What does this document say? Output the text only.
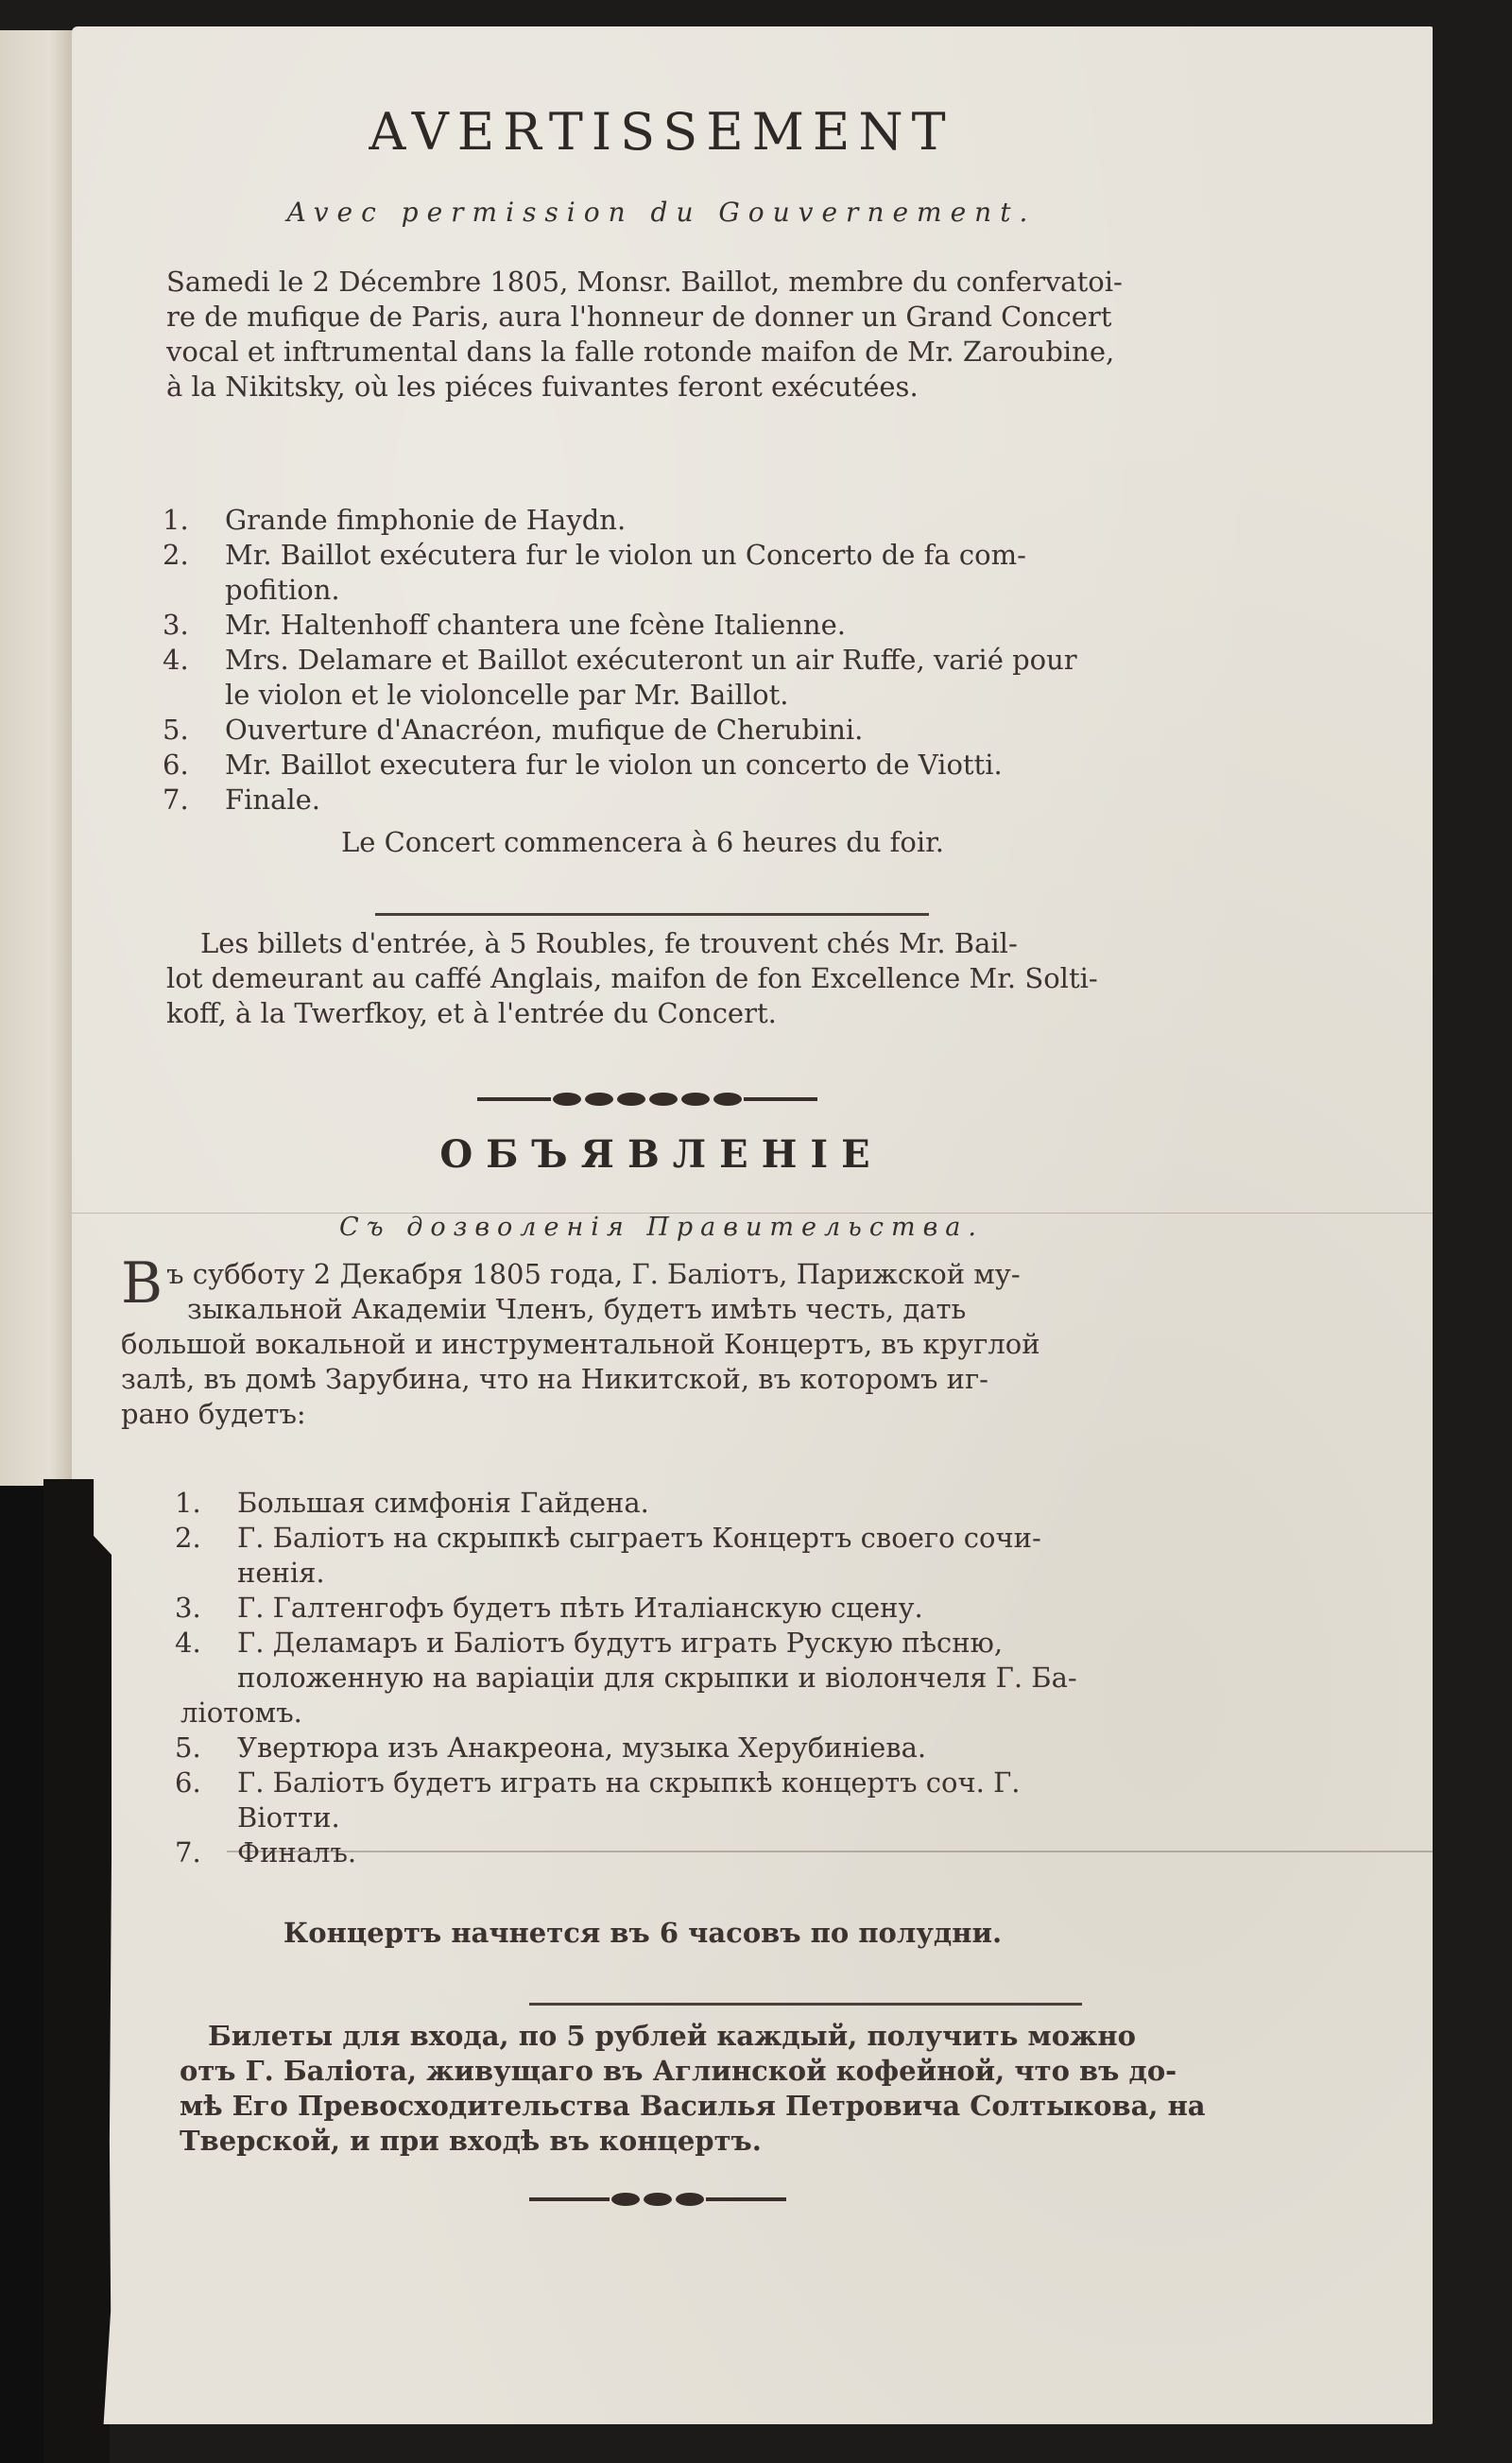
AVERTISSEMENT
Avec permission du Gouvernement.
Samedi le 2 Décembre 1805, Monsr. Baillot, membre du confervatoi-
re de mufique de Paris, aura l'honneur de donner un Grand Concert
vocal et inftrumental dans la falle rotonde maifon de Mr. Zaroubine,
à la Nikitsky, où les piéces fuivantes feront exécutées.
1. Grande fimphonie de Haydn.
2. Mr. Baillot exécutera fur le violon un Concerto de fa com-
pofition.
3. Mr. Haltenhoff chantera une fcène Italienne.
4. Mrs. Delamare et Baillot exécuteront un air Ruffe, varié pour
le violon et le violoncelle par Mr. Baillot.
5. Ouverture d'Anacréon, mufique de Cherubini.
6. Mr. Baillot executera fur le violon un concerto de Viotti.
7. Finale.
Le Concert commencera à 6 heures du foir.
Les billets d'entrée, à 5 Roubles, fe trouvent chés Mr. Bail-
lot demeurant au caffé Anglais, maifon de fon Excellence Mr. Solti-
koff, à la Twerfkoy, et à l'entrée du Concert.
ОБЪЯВЛЕНІЕ
Съ дозволенія Правительства.
В ъ субботу 2 Декабря 1805 года, Г. Баліотъ, Парижской му-
зыкальной Академіи Членъ, будетъ имѣть честь, дать
большой вокальной и инструментальной Концертъ, въ круглой
залѣ, въ домѣ Зарубина, что на Никитской, въ которомъ иг-
рано будетъ:
1. Большая симфонія Гайдена.
2. Г. Баліотъ на скрыпкѣ сыграетъ Концертъ своего сочи-
ненія.
3. Г. Галтенгофъ будетъ пѣть Италіанскую сцену.
4. Г. Деламаръ и Баліотъ будутъ играть Рускую пѣсню,
положенную на варіаціи для скрыпки и віолончеля Г. Ба-
ліотомъ.
5. Увертюра изъ Анакреона, музыка Херубиніева.
6. Г. Баліотъ будетъ играть на скрыпкѣ концертъ соч. Г.
Віотти.
7. Финалъ.
Концертъ начнется въ 6 часовъ по полудни.
Билеты для входа, по 5 рублей каждый, получить можно
отъ Г. Баліота, живущаго въ Аглинской кофейной, что въ до-
мѣ Его Превосходительства Василья Петровича Солтыкова, на
Тверской, и при входѣ въ концертъ.
